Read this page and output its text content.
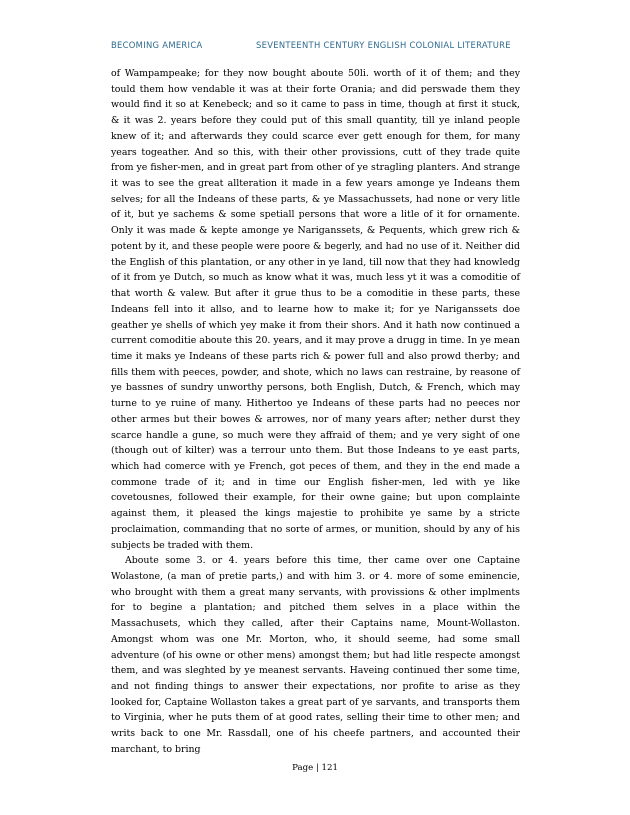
BECOMING AMERICA	SEVENTEENTH CENTURY ENGLISH COLONIAL LITERATURE

of Wampampeake; for they now bought aboute 50li. worth of it of them; and they tould them how vendable it was at their forte Orania; and did perswade them they would find it so at Kenebeck; and so it came to pass in time, though at first it stuck, & it was 2. years before they could put of this small quantity, till ye inland people knew of it; and afterwards they could scarce ever gett enough for them, for many years togeather. And so this, with their other provissions, cutt of they trade quite from ye fisher-men, and in great part from other of ye stragling planters. And strange it was to see the great allteration it made in a few years amonge ye Indeans them selves; for all the Indeans of these parts, & ye Massachussets, had none or very litle of it, but ye sachems & some spetiall persons that wore a litle of it for ornamente. Only it was made & kepte amonge ye Nariganssets, & Pequents, which grew rich & potent by it, and these people were poore & begerly, and had no use of it. Neither did the English of this plantation, or any other in ye land, till now that they had knowledg of it from ye Dutch, so much as know what it was, much less yt it was a comoditie of that worth & valew. But after it grue thus to be a comoditie in these parts, these Indeans fell into it allso, and to learne how to make it; for ye Nariganssets doe geather ye shells of which yey make it from their shors. And it hath now continued a current comoditie aboute this 20. years, and it may prove a drugg in time. In ye mean time it maks ye Indeans of these parts rich & power full and also prowd therby; and fills them with peeces, powder, and shote, which no laws can restraine, by reasone of ye bassnes of sundry unworthy persons, both English, Dutch, & French, which may turne to ye ruine of many. Hithertoo ye Indeans of these parts had no peeces nor other armes but their bowes & arrowes, nor of many years after; nether durst they scarce handle a gune, so much were they affraid of them; and ye very sight of one (though out of kilter) was a terrour unto them. But those Indeans to ye east parts, which had comerce with ye French, got peces of them, and they in the end made a commone trade of it; and in time our English fisher-men, led with ye like covetousnes, followed their example, for their owne gaine; but upon complainte against them, it pleased the kings majestie to prohibite ye same by a stricte proclaimation, commanding that no sorte of armes, or munition, should by any of his subjects be traded with them.

Aboute some 3. or 4. years before this time, ther came over one Captaine Wolastone, (a man of pretie parts,) and with him 3. or 4. more of some eminencie, who brought with them a great many servants, with provissions & other implments for to begine a plantation; and pitched them selves in a place within the Massachusets, which they called, after their Captains name, Mount-Wollaston. Amongst whom was one Mr. Morton, who, it should seeme, had some small adventure (of his owne or other mens) amongst them; but had litle respecte amongst them, and was sleghted by ye meanest servants. Haveing continued ther some time, and not finding things to answer their expectations, nor profite to arise as they looked for, Captaine Wollaston takes a great part of ye sarvants, and transports them to Virginia, wher he puts them of at good rates, selling their time to other men; and writs back to one Mr. Rassdall, one of his cheefe partners, and accounted their marchant, to bring

Page | 121
